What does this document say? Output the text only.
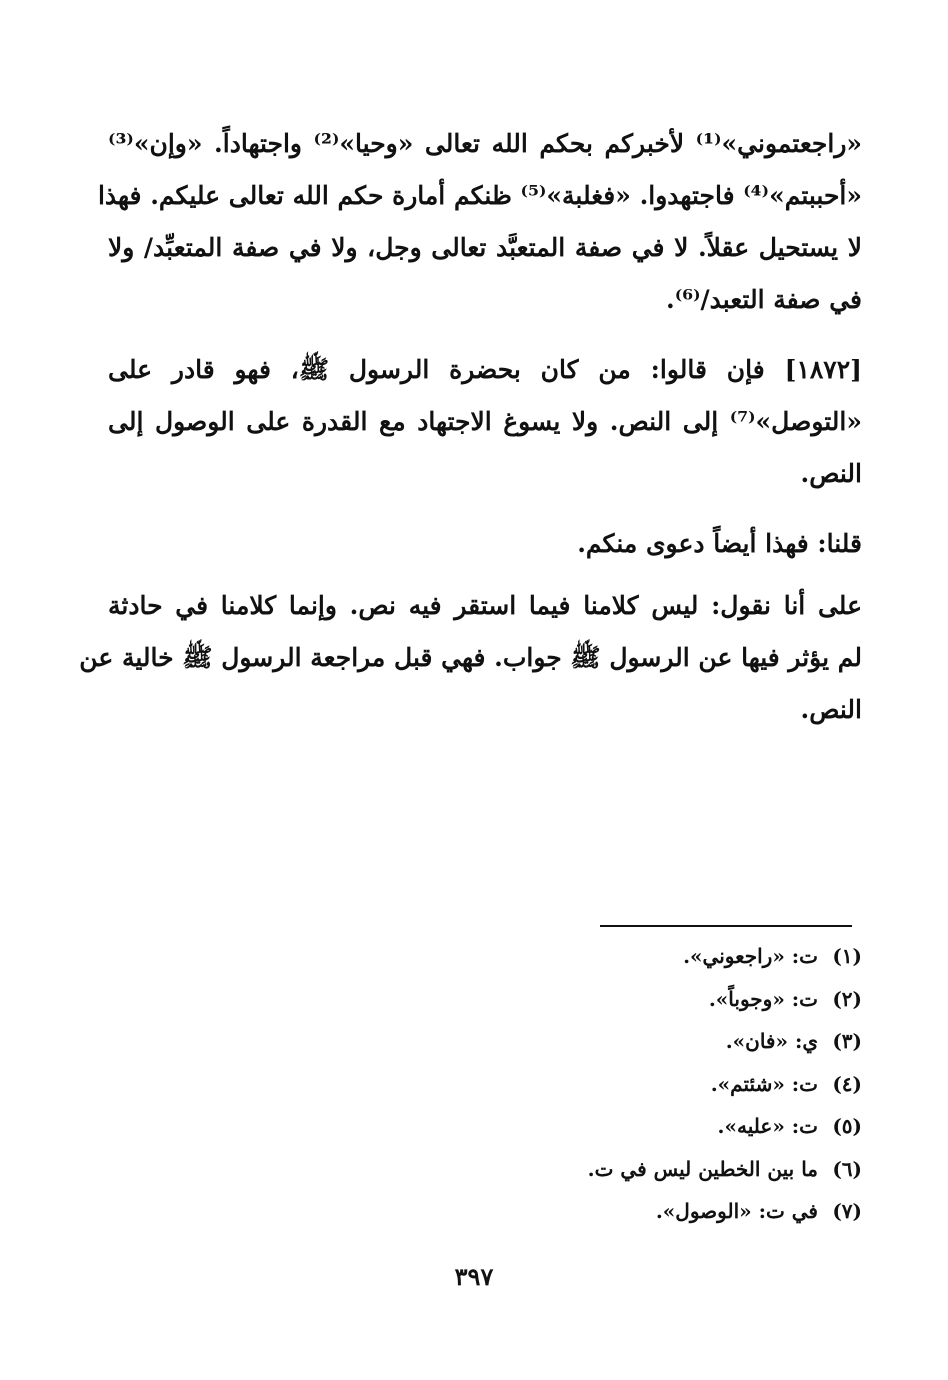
«راجعتموني»⁽¹⁾ لأخبركم بحكم الله تعالى «وحيا»⁽²⁾ واجتهاداً. «وإن»⁽³⁾
«أحببتم»⁽⁴⁾ فاجتهدوا. «فغلبة»⁽⁵⁾ ظنكم أمارة حكم الله تعالى عليكم. فهذا
لا يستحيل عقلاً. لا في صفة المتعبَّد تعالى وجل، ولا في صفة المتعبِّد/ ولا
في صفة التعبد/⁽⁶⁾.

[١٨٧٢] فإن قالوا: من كان بحضرة الرسول ﷺ، فهو قادر على
«التوصل»⁽⁷⁾ إلى النص. ولا يسوغ الاجتهاد مع القدرة على الوصول إلى
النص.

قلنا: فهذا أيضاً دعوى منكم.

على أنا نقول: ليس كلامنا فيما استقر فيه نص. وإنما كلامنا في حادثة
لم يؤثر فيها عن الرسول ﷺ جواب. فهي قبل مراجعة الرسول ﷺ خالية عن
النص.

(١)ت: «راجعوني».
(٢)ت: «وجوباً».
(٣)ي: «فان».
(٤)ت: «شئتم».
(٥)ت: «عليه».
(٦)ما بين الخطين ليس في ت.
(٧)في ت: «الوصول».
٣٩٧
